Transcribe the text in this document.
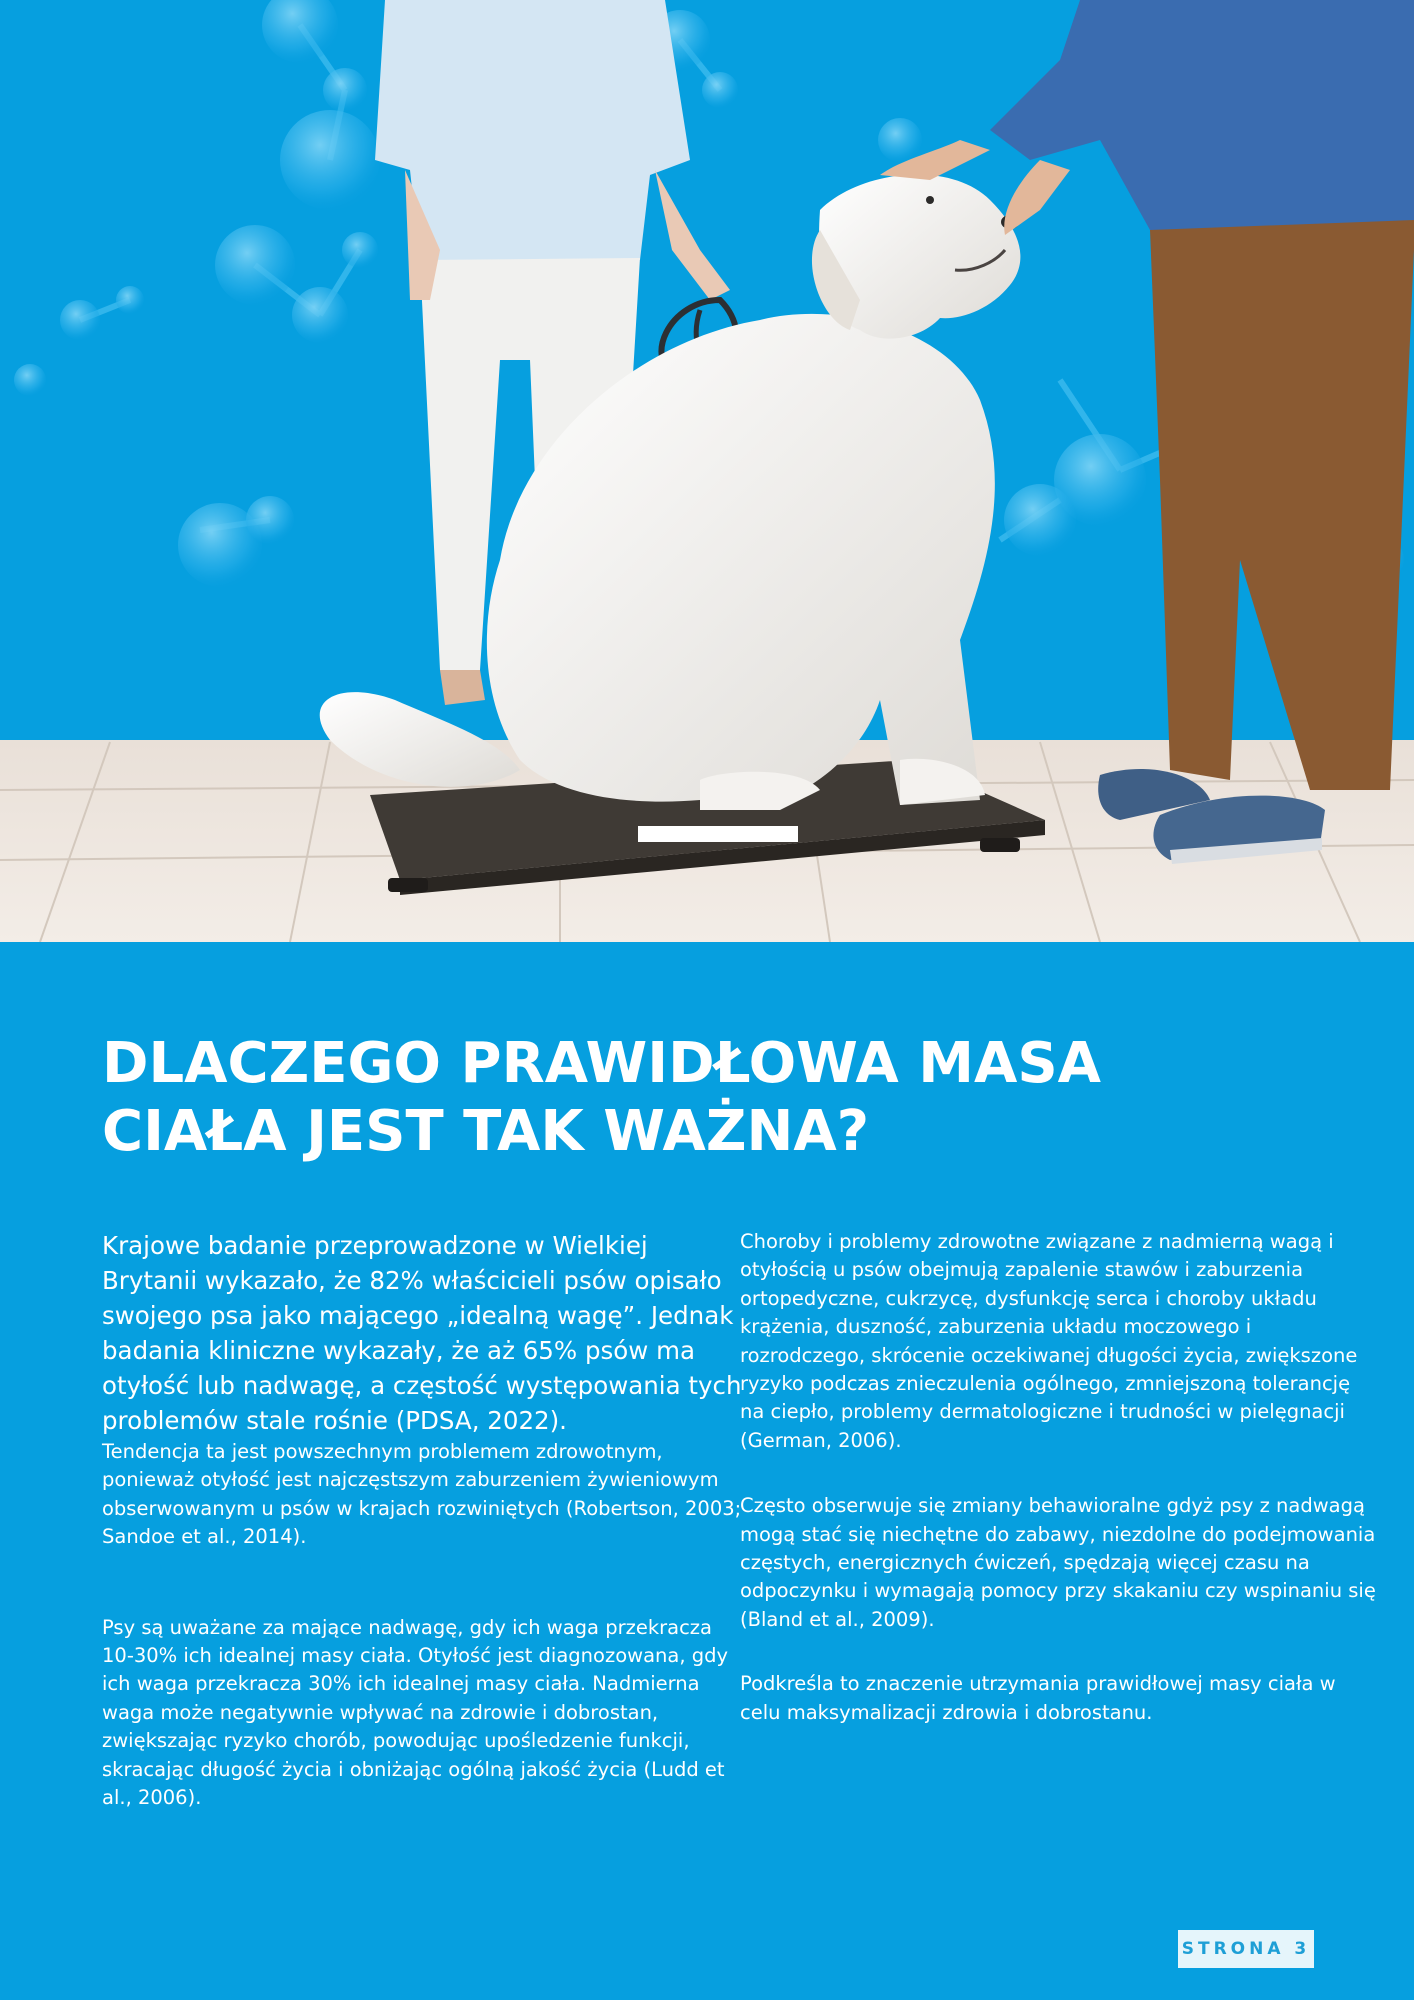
DLACZEGO PRAWIDŁOWA MASA
CIAŁA JEST TAK WAŻNA?

Krajowe badanie przeprowadzone w Wielkiej Brytanii wykazało, że 82% właścicieli psów opisało swojego psa jako mającego „idealną wagę”. Jednak badania kliniczne wykazały, że aż 65% psów ma otyłość lub nadwagę, a częstość występowania tych problemów stale rośnie (PDSA, 2022).

Tendencja ta jest powszechnym problemem zdrowotnym, ponieważ otyłość jest najczęstszym zaburzeniem żywieniowym obserwowanym u psów w krajach rozwiniętych (Robertson, 2003; Sandoe et al., 2014).

Psy są uważane za mające nadwagę, gdy ich waga przekracza 10-30% ich idealnej masy ciała. Otyłość jest diagnozowana, gdy ich waga przekracza 30% ich idealnej masy ciała. Nadmierna waga może negatywnie wpływać na zdrowie i dobrostan, zwiększając ryzyko chorób, powodując upośledzenie funkcji, skracając długość życia i obniżając ogólną jakość życia (Ludd et al., 2006).

Choroby i problemy zdrowotne związane z nadmierną wagą i otyłością u psów obejmują zapalenie stawów i zaburzenia ortopedyczne, cukrzycę, dysfunkcję serca i choroby układu krążenia, duszność, zaburzenia układu moczowego i rozrodczego, skrócenie oczekiwanej długości życia, zwiększone ryzyko podczas znieczulenia ogólnego, zmniejszoną tolerancję na ciepło, problemy dermatologiczne i trudności w pielęgnacji (German, 2006).

Często obserwuje się zmiany behawioralne gdyż psy z nadwagą mogą stać się niechętne do zabawy, niezdolne do podejmowania częstych, energicznych ćwiczeń, spędzają więcej czasu na odpoczynku i wymagają pomocy przy skakaniu czy wspinaniu się (Bland et al., 2009).

Podkreśla to znaczenie utrzymania prawidłowej masy ciała w celu maksymalizacji zdrowia i dobrostanu.

STRONA 3
